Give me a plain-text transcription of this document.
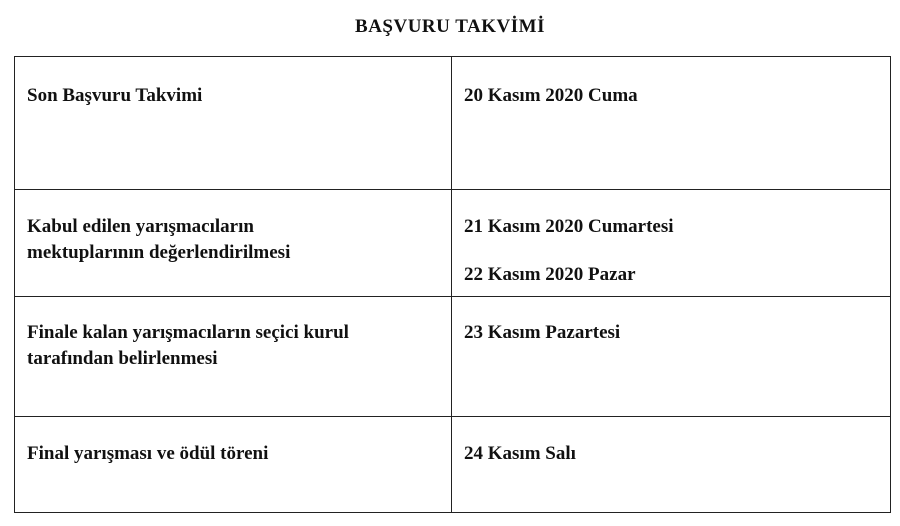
BAŞVURU TAKVİMİ
Son Başvuru Takvimi	20 Kasım 2020 Cuma

Kabul edilen yarışmacıların
mektuplarının değerlendirilmesi	21 Kasım 2020 Cumartesi
22 Kasım 2020 Pazar

Finale kalan yarışmacıların seçici kurul
tarafından belirlenmesi	23 Kasım Pazartesi

Final yarışması ve ödül töreni	24 Kasım Salı
